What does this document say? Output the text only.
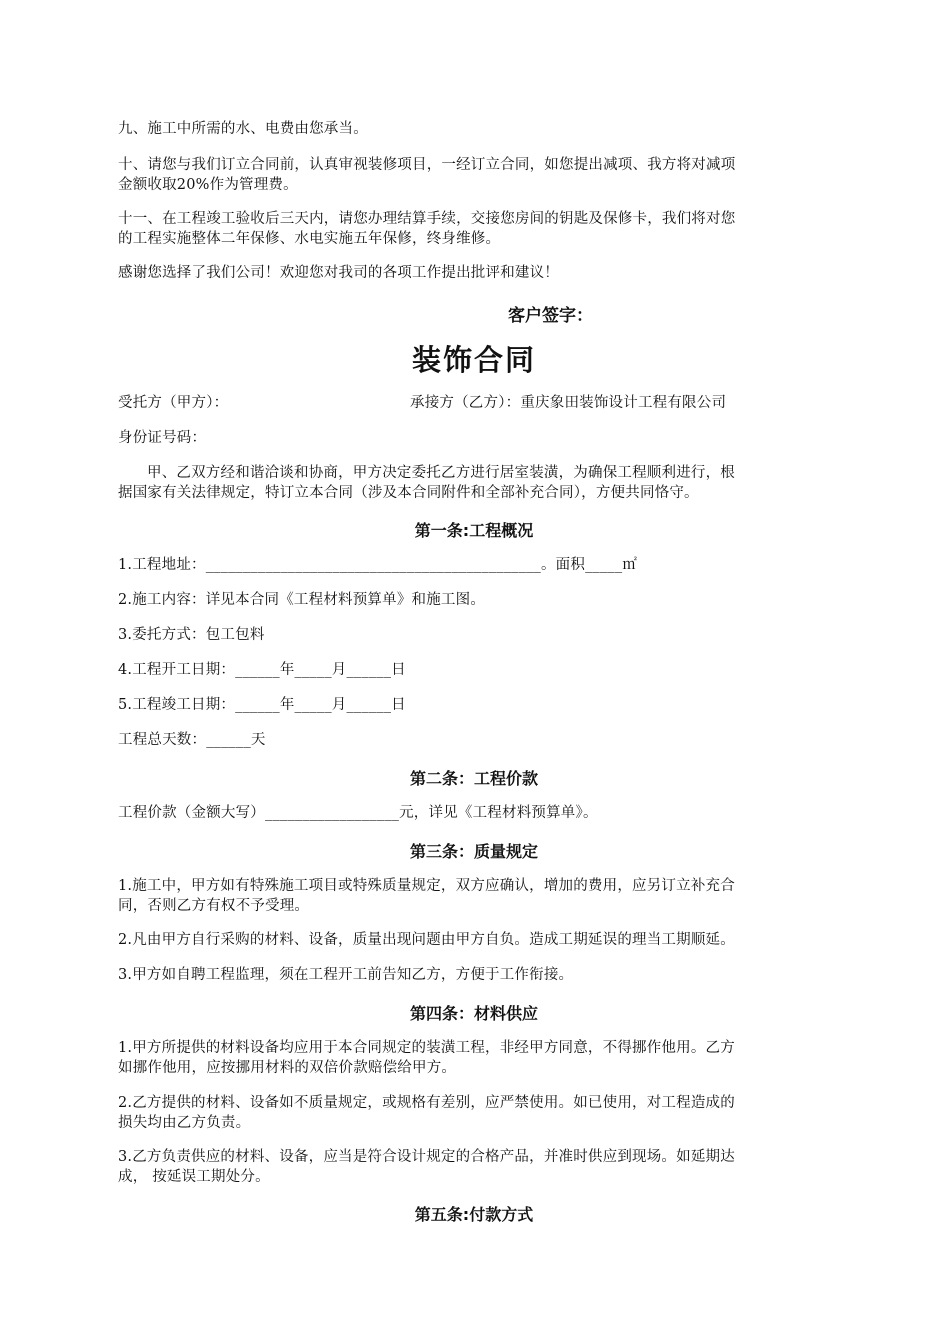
九、施工中所需的水、电费由您承当。
十、请您与我们订立合同前，认真审视装修项目，一经订立合同，如您提出减项、我方将对减项
金额收取20%作为管理费。
十一、在工程竣工验收后三天内，请您办理结算手续，交接您房间的钥匙及保修卡，我们将对您
的工程实施整体二年保修、水电实施五年保修，终身维修。
感谢您选择了我们公司！欢迎您对我司的各项工作提出批评和建议！
客户签字：
装饰合同
受托方（甲方）：	承接方（乙方）：重庆象田装饰设计工程有限公司
身份证号码：
甲、乙双方经和谐洽谈和协商，甲方决定委托乙方进行居室装潢，为确保工程顺利进行，根
据国家有关法律规定，特订立本合同（涉及本合同附件和全部补充合同），方便共同恪守。
第一条:工程概况
1.工程地址：_____________________________________________。面积_____㎡
2.施工内容：详见本合同《工程材料预算单》和施工图。
3.委托方式：包工包料
4.工程开工日期：______年_____月______日
5.工程竣工日期：______年_____月______日
工程总天数：______天
第二条：工程价款
工程价款（金额大写）__________________元，详见《工程材料预算单》。
第三条：质量规定
1.施工中，甲方如有特殊施工项目或特殊质量规定，双方应确认，增加的费用，应另订立补充合
同，否则乙方有权不予受理。
2.凡由甲方自行采购的材料、设备，质量出现问题由甲方自负。造成工期延误的理当工期顺延。
3.甲方如自聘工程监理，须在工程开工前告知乙方，方便于工作衔接。
第四条：材料供应
1.甲方所提供的材料设备均应用于本合同规定的装潢工程，非经甲方同意，不得挪作他用。乙方
如挪作他用，应按挪用材料的双倍价款赔偿给甲方。
2.乙方提供的材料、设备如不质量规定，或规格有差别，应严禁使用。如已使用，对工程造成的
损失均由乙方负责。
3.乙方负责供应的材料、设备，应当是符合设计规定的合格产品，并准时供应到现场。如延期达
成， 按延误工期处分。
第五条:付款方式
